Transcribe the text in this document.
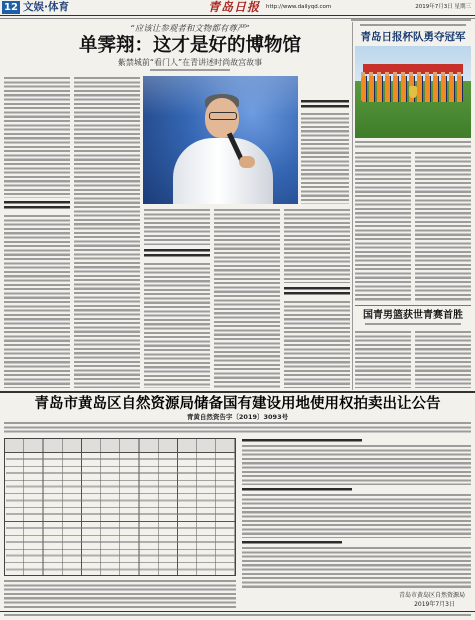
12 文娱·体育	青岛日报 http://www.dailyqd.com	2019年7月3日 星期三
“应该让参观者和文物都有尊严”
单霁翔：这才是好的博物馆
紫禁城前“看门人”在青讲述时尚故宫故事
青岛日报杯队勇夺冠军
国青男篮获世青赛首胜
青岛市黄岛区自然资源局储备国有建设用地使用权拍卖出让公告
青黄自然资告字〔2019〕3093号
青岛市黄岛区自然资源局
2019年7月3日
